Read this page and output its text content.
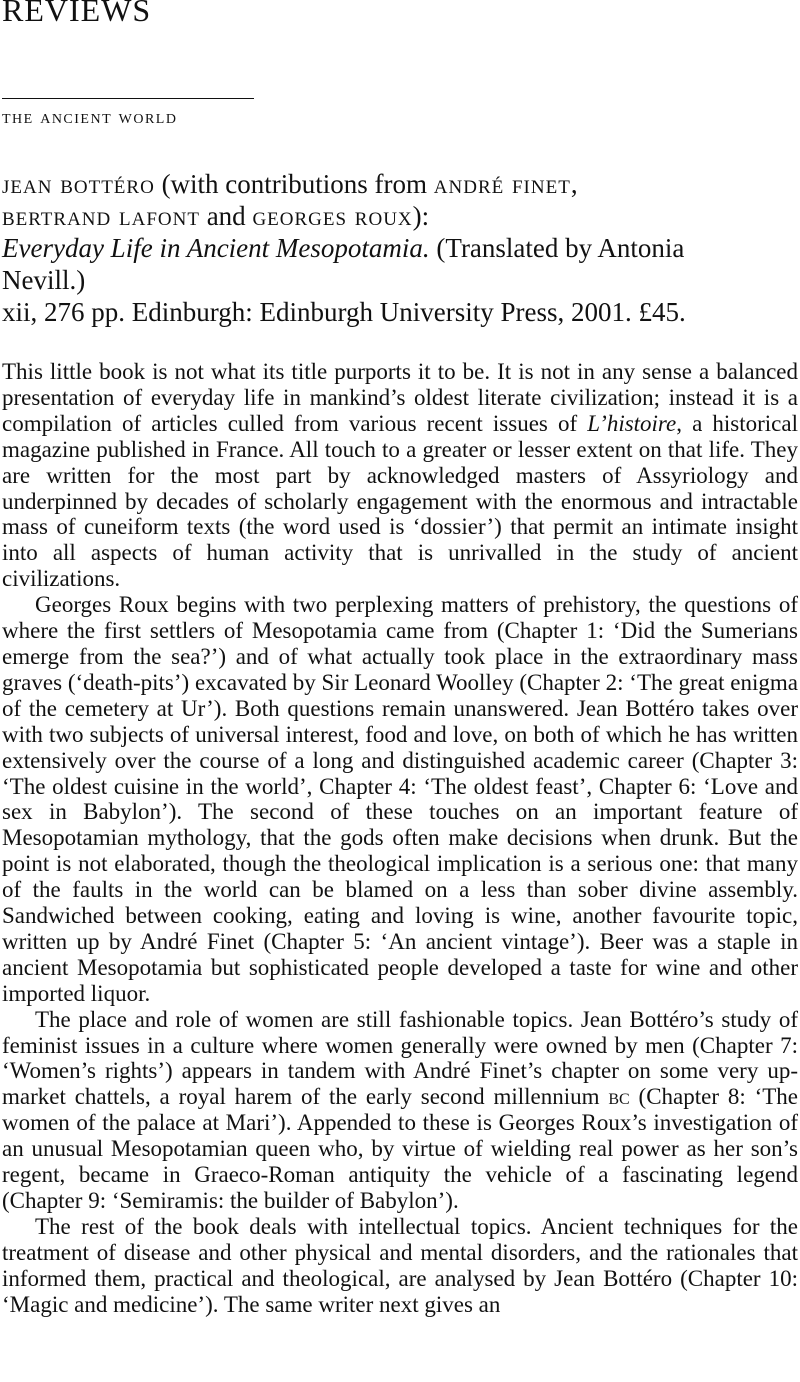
REVIEWS
the ancient world
jean bottéro (with contributions from andré finet,
bertrand lafont and georges roux):
Everyday Life in Ancient Mesopotamia. (Translated by Antonia
Nevill.)
xii, 276 pp. Edinburgh: Edinburgh University Press, 2001. £45.

This little book is not what its title purports it to be. It is not in any sense a balanced presentation of everyday life in mankind’s oldest literate civilization; instead it is a compilation of articles culled from various recent issues of L’histoire, a historical magazine published in France. All touch to a greater or lesser extent on that life. They are written for the most part by acknowledged masters of Assyriology and underpinned by decades of scholarly engagement with the enormous and intractable mass of cuneiform texts (the word used is ‘dossier’) that permit an intimate insight into all aspects of human activity that is unrivalled in the study of ancient civilizations.

Georges Roux begins with two perplexing matters of prehistory, the questions of where the first settlers of Mesopotamia came from (Chapter 1: ‘Did the Sumerians emerge from the sea?’) and of what actually took place in the extraordinary mass graves (‘death-pits’) excavated by Sir Leonard Woolley (Chapter 2: ‘The great enigma of the cemetery at Ur’). Both questions remain unanswered. Jean Bottéro takes over with two subjects of universal interest, food and love, on both of which he has written extensively over the course of a long and distinguished academic career (Chapter 3: ‘The oldest cuisine in the world’, Chapter 4: ‘The oldest feast’, Chapter 6: ‘Love and sex in Babylon’). The second of these touches on an important feature of Mesopotamian mythology, that the gods often make decisions when drunk. But the point is not elaborated, though the theological implication is a serious one: that many of the faults in the world can be blamed on a less than sober divine assembly. Sandwiched between cooking, eating and loving is wine, another favourite topic, written up by André Finet (Chapter 5: ‘An ancient vintage’). Beer was a staple in ancient Mesopotamia but sophisticated people developed a taste for wine and other imported liquor.

The place and role of women are still fashionable topics. Jean Bottéro’s study of feminist issues in a culture where women generally were owned by men (Chapter 7: ‘Women’s rights’) appears in tandem with André Finet’s chapter on some very up-market chattels, a royal harem of the early second millennium bc (Chapter 8: ‘The women of the palace at Mari’). Appended to these is Georges Roux’s investigation of an unusual Mesopotamian queen who, by virtue of wielding real power as her son’s regent, became in Graeco-Roman antiquity the vehicle of a fascinating legend (Chapter 9: ‘Semiramis: the builder of Babylon’).

The rest of the book deals with intellectual topics. Ancient techniques for the treatment of disease and other physical and mental disorders, and the rationales that informed them, practical and theological, are analysed by Jean Bottéro (Chapter 10: ‘Magic and medicine’). The same writer next gives an
